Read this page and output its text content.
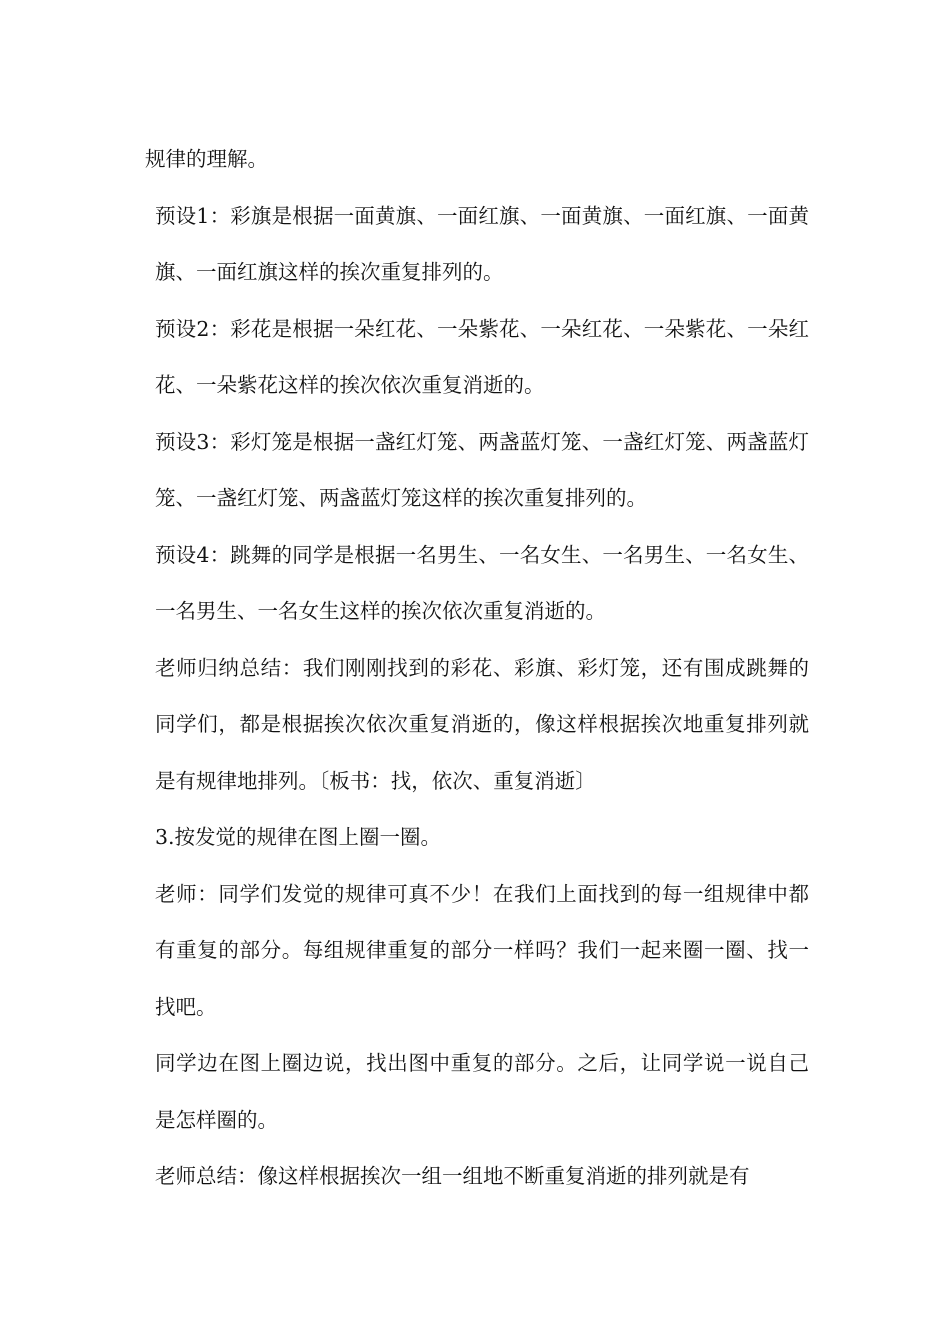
规律的理解。

预设1：彩旗是根据一面黄旗、一面红旗、一面黄旗、一面红旗、一面黄旗、一面红旗这样的挨次重复排列的。

预设2：彩花是根据一朵红花、一朵紫花、一朵红花、一朵紫花、一朵红花、一朵紫花这样的挨次依次重复消逝的。

预设3：彩灯笼是根据一盏红灯笼、两盏蓝灯笼、一盏红灯笼、两盏蓝灯笼、一盏红灯笼、两盏蓝灯笼这样的挨次重复排列的。

预设4：跳舞的同学是根据一名男生、一名女生、一名男生、一名女生、一名男生、一名女生这样的挨次依次重复消逝的。

老师归纳总结：我们刚刚找到的彩花、彩旗、彩灯笼，还有围成跳舞的同学们，都是根据挨次依次重复消逝的，像这样根据挨次地重复排列就是有规律地排列。〔板书：找，依次、重复消逝〕

3.按发觉的规律在图上圈一圈。

老师：同学们发觉的规律可真不少！在我们上面找到的每一组规律中都有重复的部分。每组规律重复的部分一样吗？我们一起来圈一圈、找一找吧。

同学边在图上圈边说，找出图中重复的部分。之后，让同学说一说自己是怎样圈的。

老师总结：像这样根据挨次一组一组地不断重复消逝的排列就是有
